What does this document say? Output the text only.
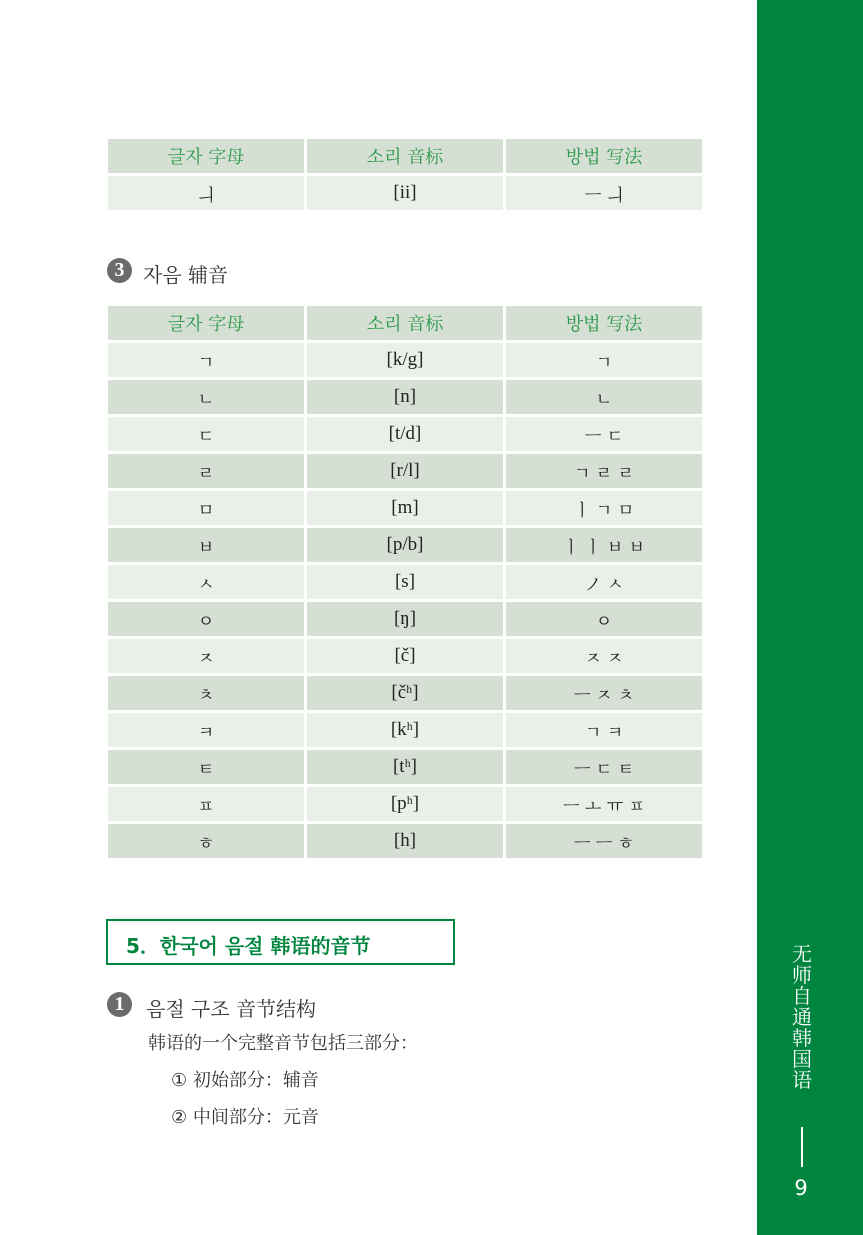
无
师
自
通
韩
国
语
9
글자 字母	소리 音标	방법 写法
ㅢ	[ii]	ㅡ ㅢ
3 자음 辅音
글자 字母	소리 音标	방법 写法
ㄱ	[k/g]	ㄱ
ㄴ	[n]	ㄴ
ㄷ	[t/d]	ㅡ ㄷ
ㄹ	[r/l]	ㄱ ㄹ ㄹ
ㅁ	[m]	ㅣ ㄱ ㅁ
ㅂ	[p/b]	ㅣ ㅣ ㅂ ㅂ
ㅅ	[s]	ノ ㅅ
ㅇ	[ŋ]	ㅇ
ㅈ	[č]	ㅈ ㅈ
ㅊ	[čʰ]	ㅡ ㅈ ㅊ
ㅋ	[kʰ]	ㄱ ㅋ
ㅌ	[tʰ]	ㅡ ㄷ ㅌ
ㅍ	[pʰ]	ㅡ ㅗ ㅠ ㅍ
ㅎ	[h]	ㅡ ㅡ ㅎ
5．한국어 음절 韩语的音节
1	음절 구조 音节结构
韩语的一个完整音节包括三部分：
① 初始部分：辅音
② 中间部分：元音
